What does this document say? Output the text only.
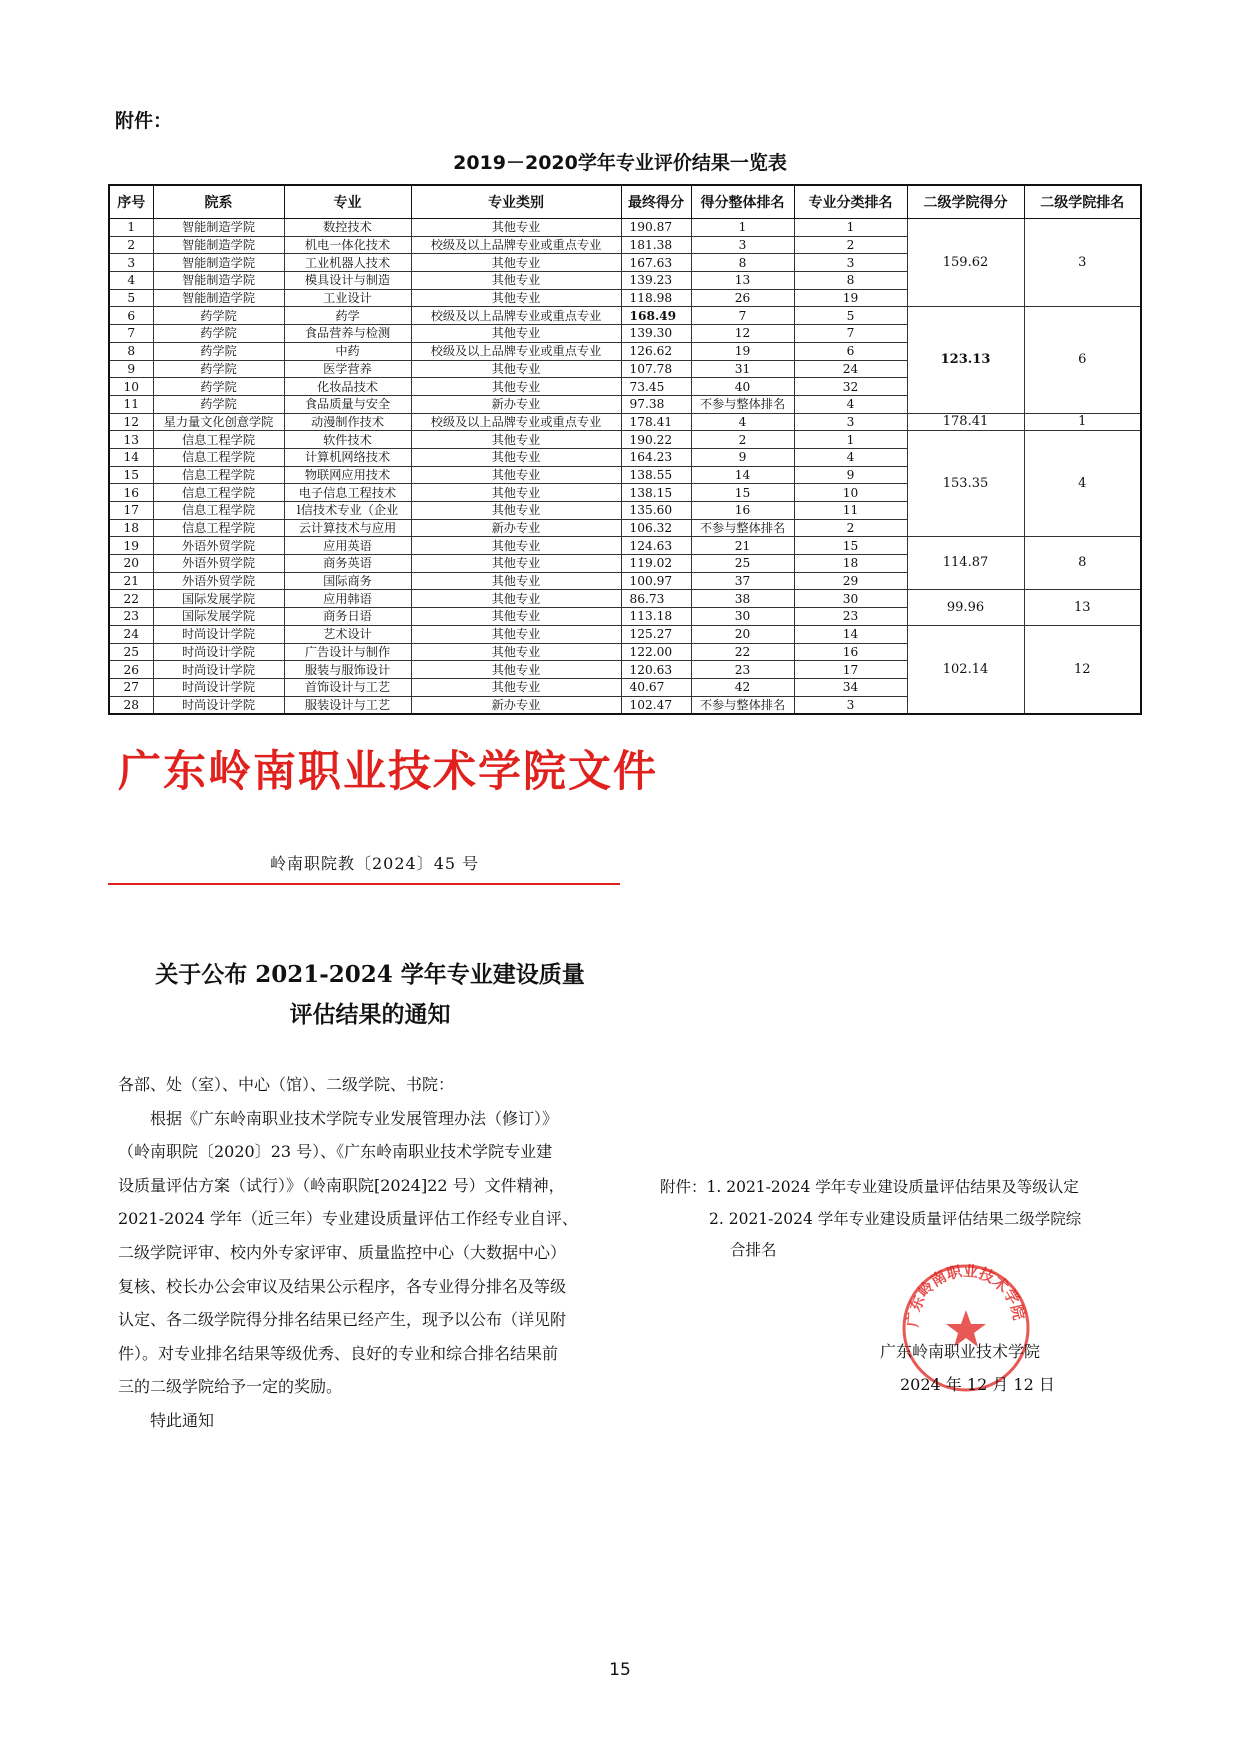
附件：
2019－2020学年专业评价结果一览表
序号	院系	专业	专业类别	最终得分	得分整体排名	专业分类排名	二级学院得分	二级学院排名
1	智能制造学院	数控技术	其他专业	190.87	1	1	159.62	3
2	智能制造学院	机电一体化技术	校级及以上品牌专业或重点专业	181.38	3	2		
3	智能制造学院	工业机器人技术	其他专业	167.63	8	3		
4	智能制造学院	模具设计与制造	其他专业	139.23	13	8		
5	智能制造学院	工业设计	其他专业	118.98	26	19		
6	药学院	药学	校级及以上品牌专业或重点专业	168.49	7	5	123.13	6
7	药学院	食品营养与检测	其他专业	139.30	12	7		
8	药学院	中药	校级及以上品牌专业或重点专业	126.62	19	6		
9	药学院	医学营养	其他专业	107.78	31	24		
10	药学院	化妆品技术	其他专业	73.45	40	32		
11	药学院	食品质量与安全	新办专业	97.38	不参与整体排名	4		
12	星力量文化创意学院	动漫制作技术	校级及以上品牌专业或重点专业	178.41	4	3	178.41	1
13	信息工程学院	软件技术	其他专业	190.22	2	1	153.35	4
14	信息工程学院	计算机网络技术	其他专业	164.23	9	4		
15	信息工程学院	物联网应用技术	其他专业	138.55	14	9		
16	信息工程学院	电子信息工程技术	其他专业	138.15	15	10		
17	信息工程学院	l信技术专业（企业	其他专业	135.60	16	11		
18	信息工程学院	云计算技术与应用	新办专业	106.32	不参与整体排名	2		
19	外语外贸学院	应用英语	其他专业	124.63	21	15	114.87	8
20	外语外贸学院	商务英语	其他专业	119.02	25	18		
21	外语外贸学院	国际商务	其他专业	100.97	37	29		
22	国际发展学院	应用韩语	其他专业	86.73	38	30	99.96	13
23	国际发展学院	商务日语	其他专业	113.18	30	23		
24	时尚设计学院	艺术设计	其他专业	125.27	20	14	102.14	12
25	时尚设计学院	广告设计与制作	其他专业	122.00	22	16		
26	时尚设计学院	服装与服饰设计	其他专业	120.63	23	17		
27	时尚设计学院	首饰设计与工艺	其他专业	40.67	42	34		
28	时尚设计学院	服装设计与工艺	新办专业	102.47	不参与整体排名	3		
广东岭南职业技术学院文件
岭南职院教〔2024〕45 号
关于公布 2021-2024 学年专业建设质量
评估结果的通知

各部、处（室）、中心（馆）、二级学院、书院：

根据《广东岭南职业技术学院专业发展管理办法（修订）》

（岭南职院〔2020〕23 号）、《广东岭南职业技术学院专业建

设质量评估方案（试行）》（岭南职院[2024]22 号）文件精神，

2021-2024 学年（近三年）专业建设质量评估工作经专业自评、

二级学院评审、校内外专家评审、质量监控中心（大数据中心）

复核、校长办公会审议及结果公示程序，各专业得分排名及等级

认定、各二级学院得分排名结果已经产生，现予以公布（详见附

件）。对专业排名结果等级优秀、良好的专业和综合排名结果前

三的二级学院给予一定的奖励。

特此通知

附件：1. 2021-2024 学年专业建设质量评估结果及等级认定
2. 2021-2024 学年专业建设质量评估结果二级学院综
合排名
广东岭南职业技术学院
广东岭南职业技术学院
2024 年 12 月 12 日
15
